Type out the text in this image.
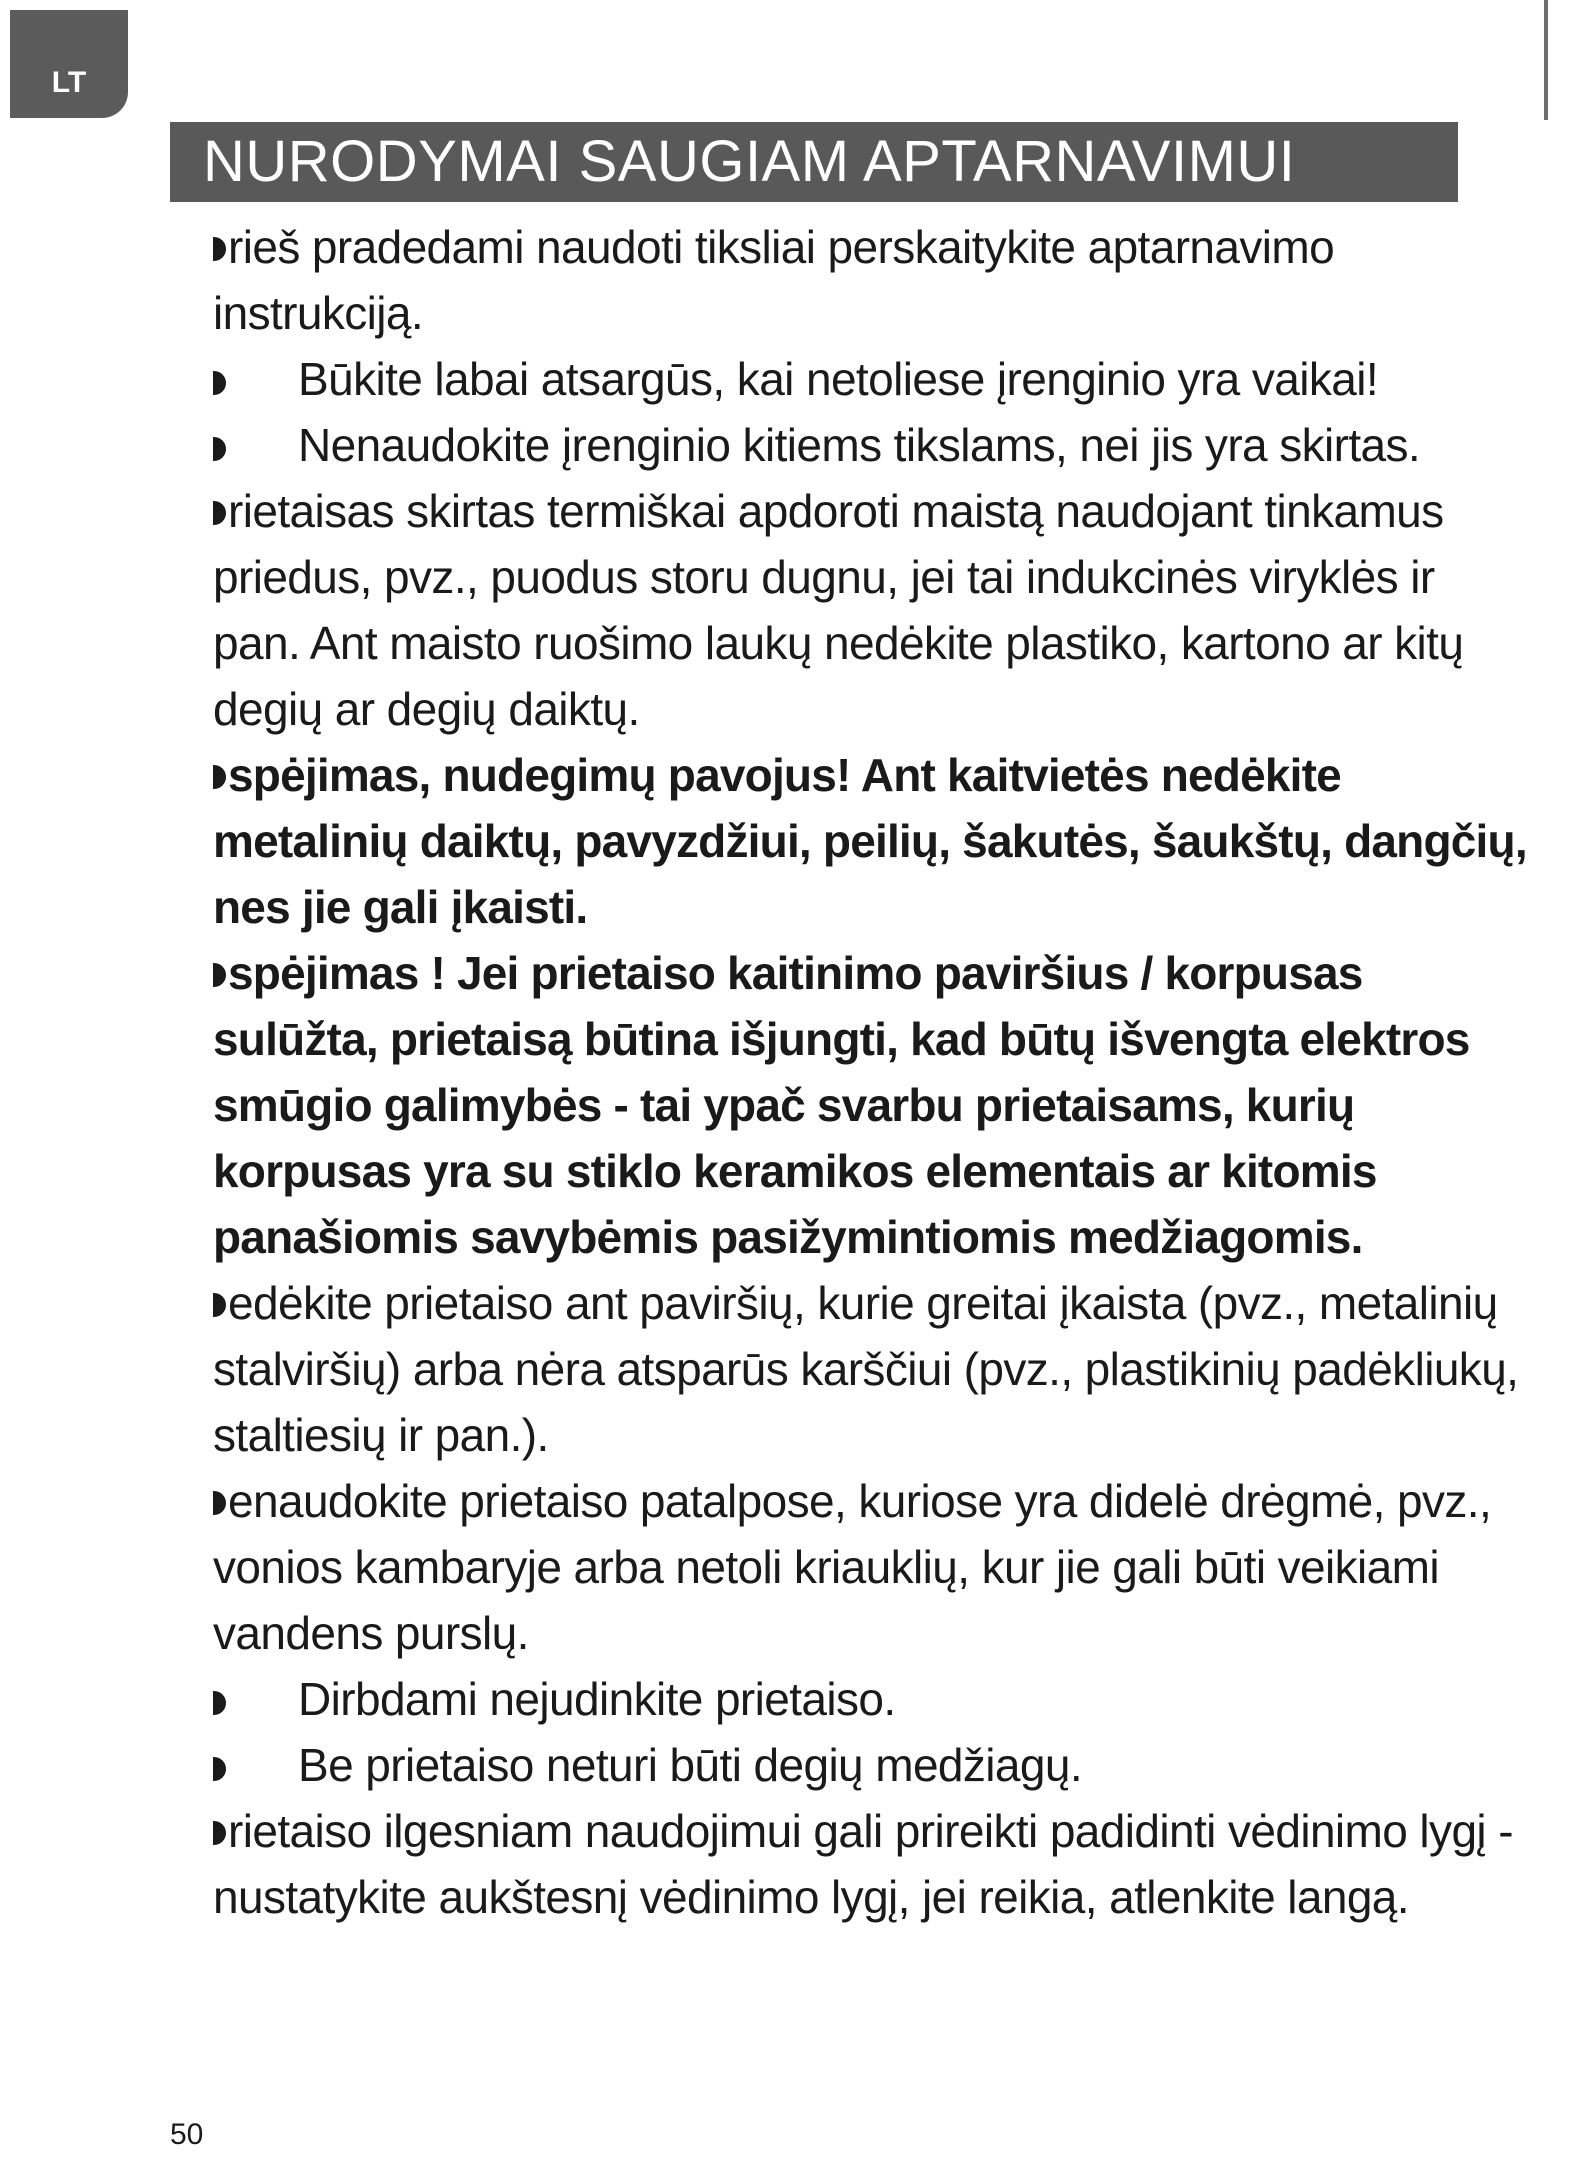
LT
NURODYMAI SAUGIAM APTARNAVIMUI

rieš pradedami naudoti tiksliai perskaitykite aptarnavimo instrukciją.

Būkite labai atsargūs, kai netoliese įrenginio yra vaikai!

Nenaudokite įrenginio kitiems tikslams, nei jis yra skirtas.

rietaisas skirtas termiškai apdoroti maistą naudojant tinkamus priedus, pvz., puodus storu dugnu, jei tai indukcinės viryklės ir pan. Ant maisto ruošimo laukų nedėkite plastiko, kartono ar kitų degių ar degių daiktų.

spėjimas, nudegimų pavojus! Ant kaitvietės nedėkite metalinių daiktų, pavyzdžiui, peilių, šakutės, šaukštų, dangčių, nes jie gali įkaisti.

spėjimas ! Jei prietaiso kaitinimo paviršius / korpusas sulūžta, prietaisą būtina išjungti, kad būtų išvengta elektros smūgio galimybės - tai ypač svarbu prietaisams, kurių korpusas yra su stiklo keramikos elementais ar kitomis panašiomis savybėmis pasižymintiomis medžiagomis.

edėkite prietaiso ant paviršių, kurie greitai įkaista (pvz., metalinių stalviršių) arba nėra atsparūs karščiui (pvz., plastikinių padėkliukų, staltiesių ir pan.).

enaudokite prietaiso patalpose, kuriose yra didelė drėgmė, pvz., vonios kambaryje arba netoli kriauklių, kur jie gali būti veikiami vandens purslų.

Dirbdami nejudinkite prietaiso.

Be prietaiso neturi būti degių medžiagų.

rietaiso ilgesniam naudojimui gali prireikti padidinti vėdinimo lygį - nustatykite aukštesnį vėdinimo lygį, jei reikia, atlenkite langą.

50
